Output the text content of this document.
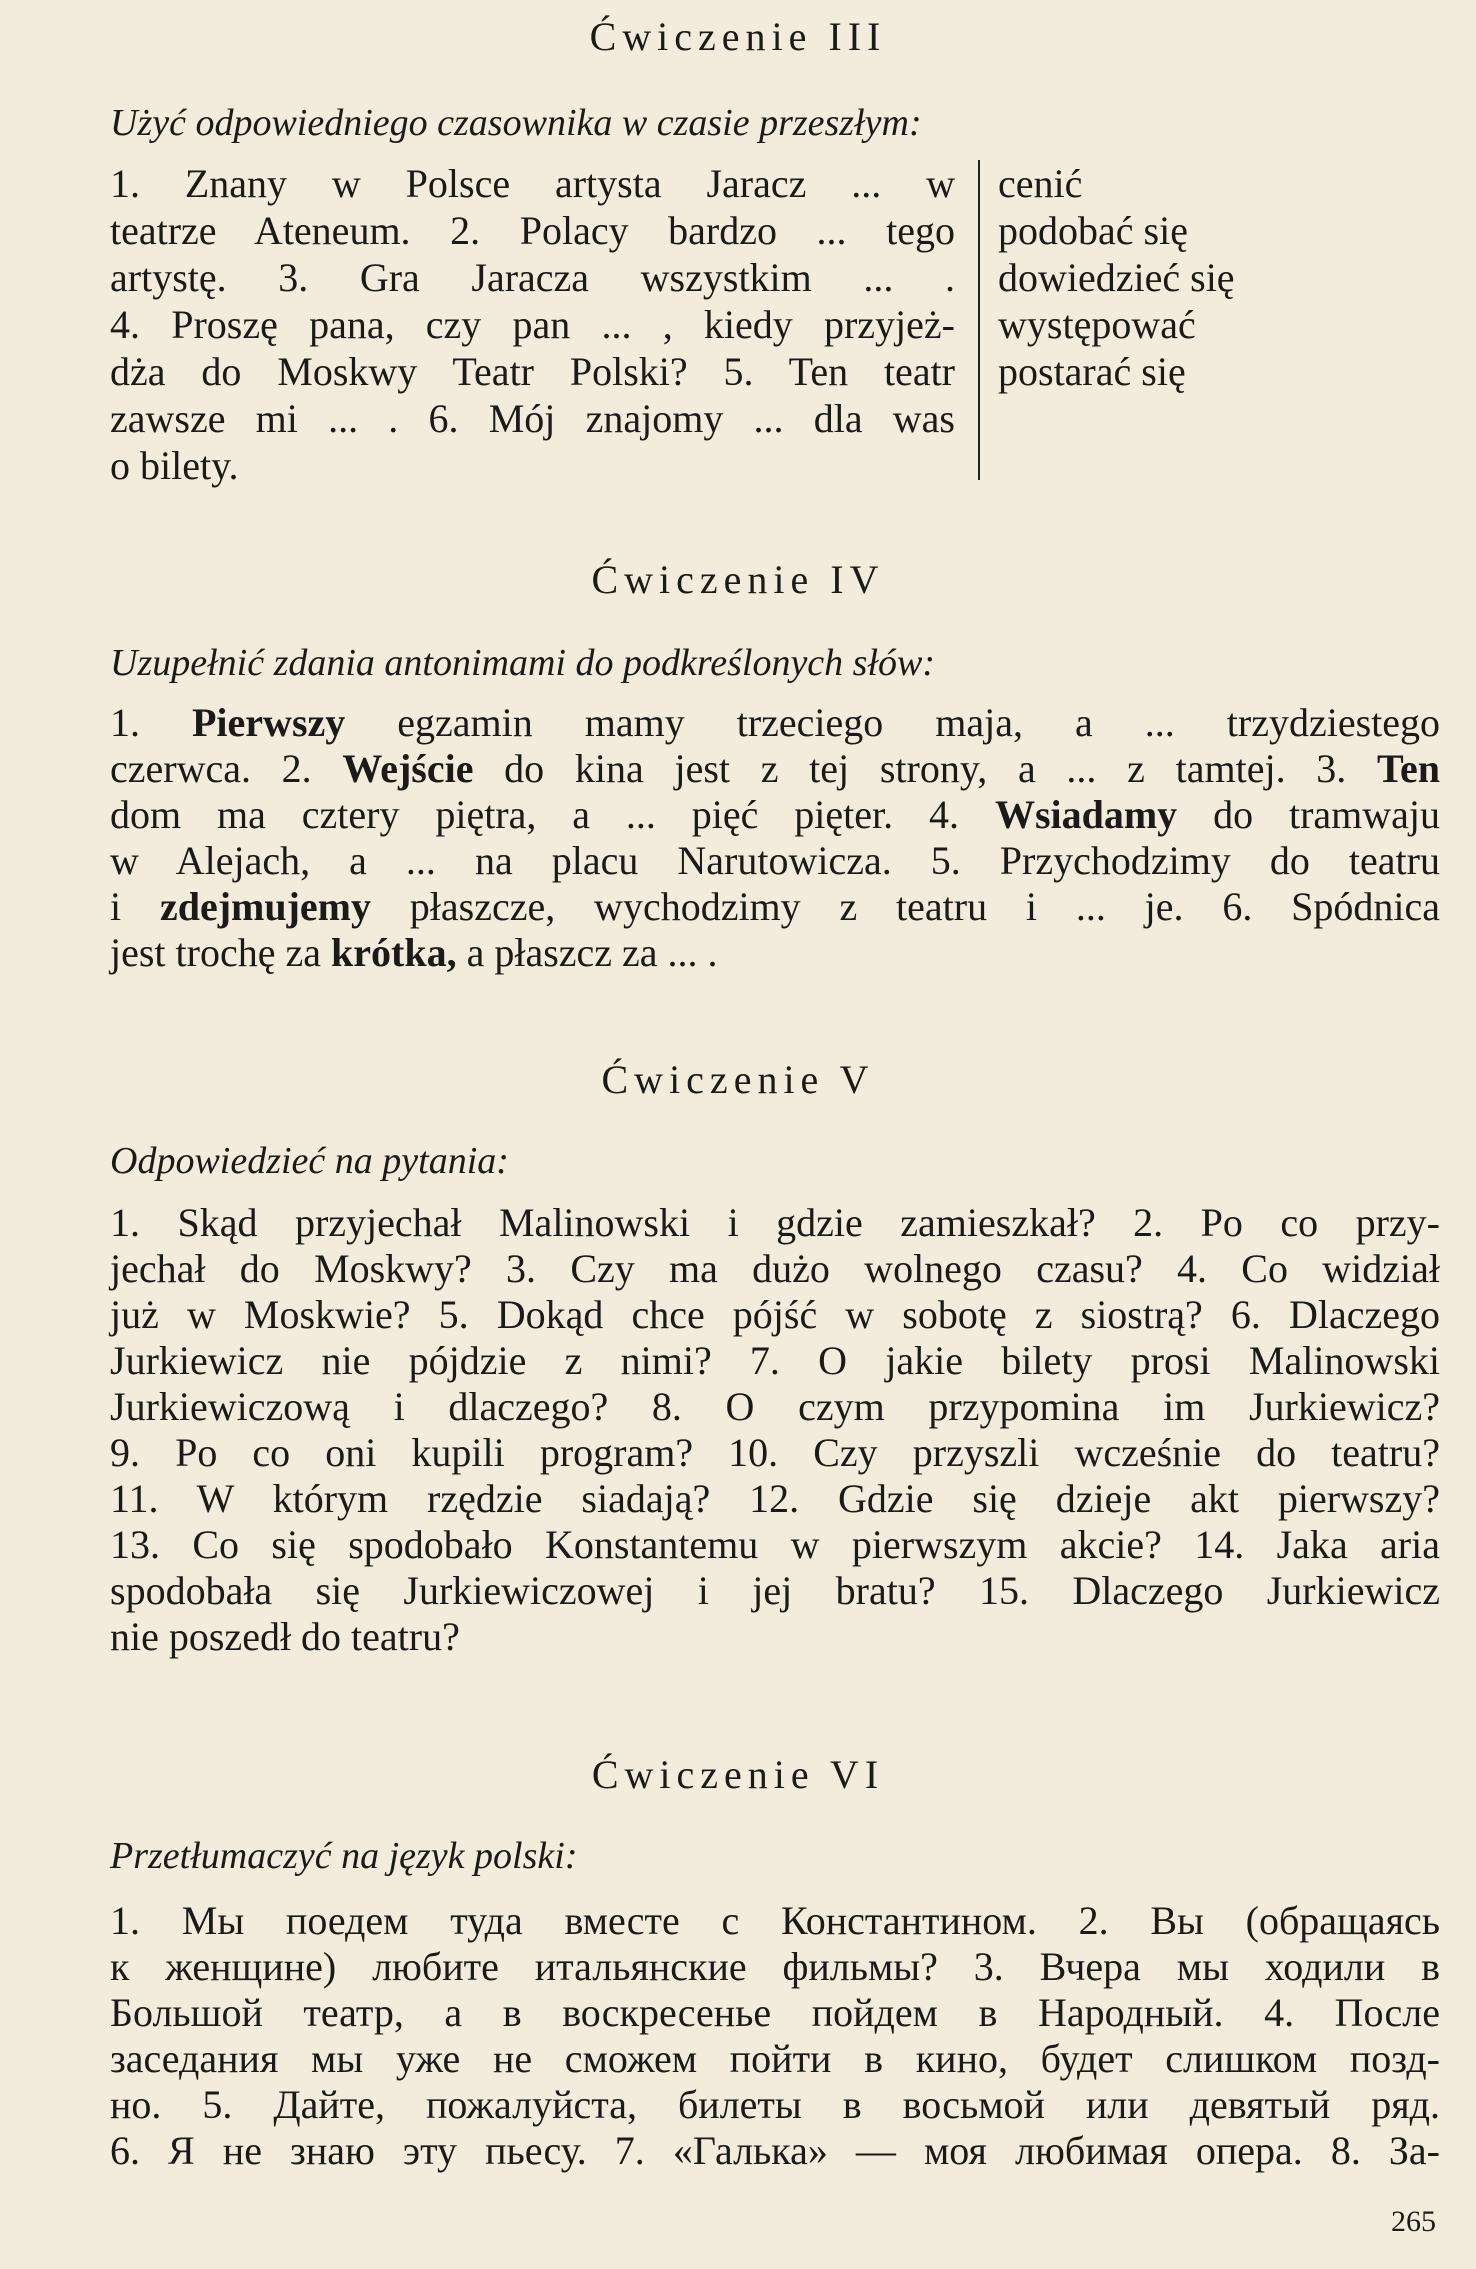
Ćwiczenie III
Użyć odpowiedniego czasownika w czasie przeszłym:
1. Znany w Polsce artysta Jaracz ... w
teatrze Ateneum. 2. Polacy bardzo ... tego
artystę. 3. Gra Jaracza wszystkim ... .
4. Proszę pana, czy pan ... , kiedy przyjeż-
dża do Moskwy Teatr Polski? 5. Ten teatr
zawsze mi ... . 6. Mój znajomy ... dla was
o bilety.
cenić
podobać się
dowiedzieć się
występować
postarać się
Ćwiczenie IV
Uzupełnić zdania antonimami do podkreślonych słów:
1. Pierwszy egzamin mamy trzeciego maja, a ... trzydziestego
czerwca. 2. Wejście do kina jest z tej strony, a ... z tamtej. 3. Ten
dom ma cztery piętra, a ... pięć pięter. 4. Wsiadamy do tramwaju
w Alejach, a ... na placu Narutowicza. 5. Przychodzimy do teatru
i zdejmujemy płaszcze, wychodzimy z teatru i ... je. 6. Spódnica
jest trochę za krótka, a płaszcz za ... .
Ćwiczenie V
Odpowiedzieć na pytania:
1. Skąd przyjechał Malinowski i gdzie zamieszkał? 2. Po co przy-
jechał do Moskwy? 3. Czy ma dużo wolnego czasu? 4. Co widział
już w Moskwie? 5. Dokąd chce pójść w sobotę z siostrą? 6. Dlaczego
Jurkiewicz nie pójdzie z nimi? 7. O jakie bilety prosi Malinowski
Jurkiewiczową i dlaczego? 8. O czym przypomina im Jurkiewicz?
9. Po co oni kupili program? 10. Czy przyszli wcześnie do teatru?
11. W którym rzędzie siadają? 12. Gdzie się dzieje akt pierwszy?
13. Co się spodobało Konstantemu w pierwszym akcie? 14. Jaka aria
spodobała się Jurkiewiczowej i jej bratu? 15. Dlaczego Jurkiewicz
nie poszedł do teatru?
Ćwiczenie VI
Przetłumaczyć na język polski:
1. Мы поедем туда вместе с Константином. 2. Вы (обращаясь
к женщине) любите итальянские фильмы? 3. Вчера мы ходили в
Большой театр, а в воскресенье пойдем в Народный. 4. После
заседания мы уже не сможем пойти в кино, будет слишком позд-
но. 5. Дайте, пожалуйста, билеты в восьмой или девятый ряд.
6. Я не знаю эту пьесу. 7. «Галька» — моя любимая опера. 8. За-
265
